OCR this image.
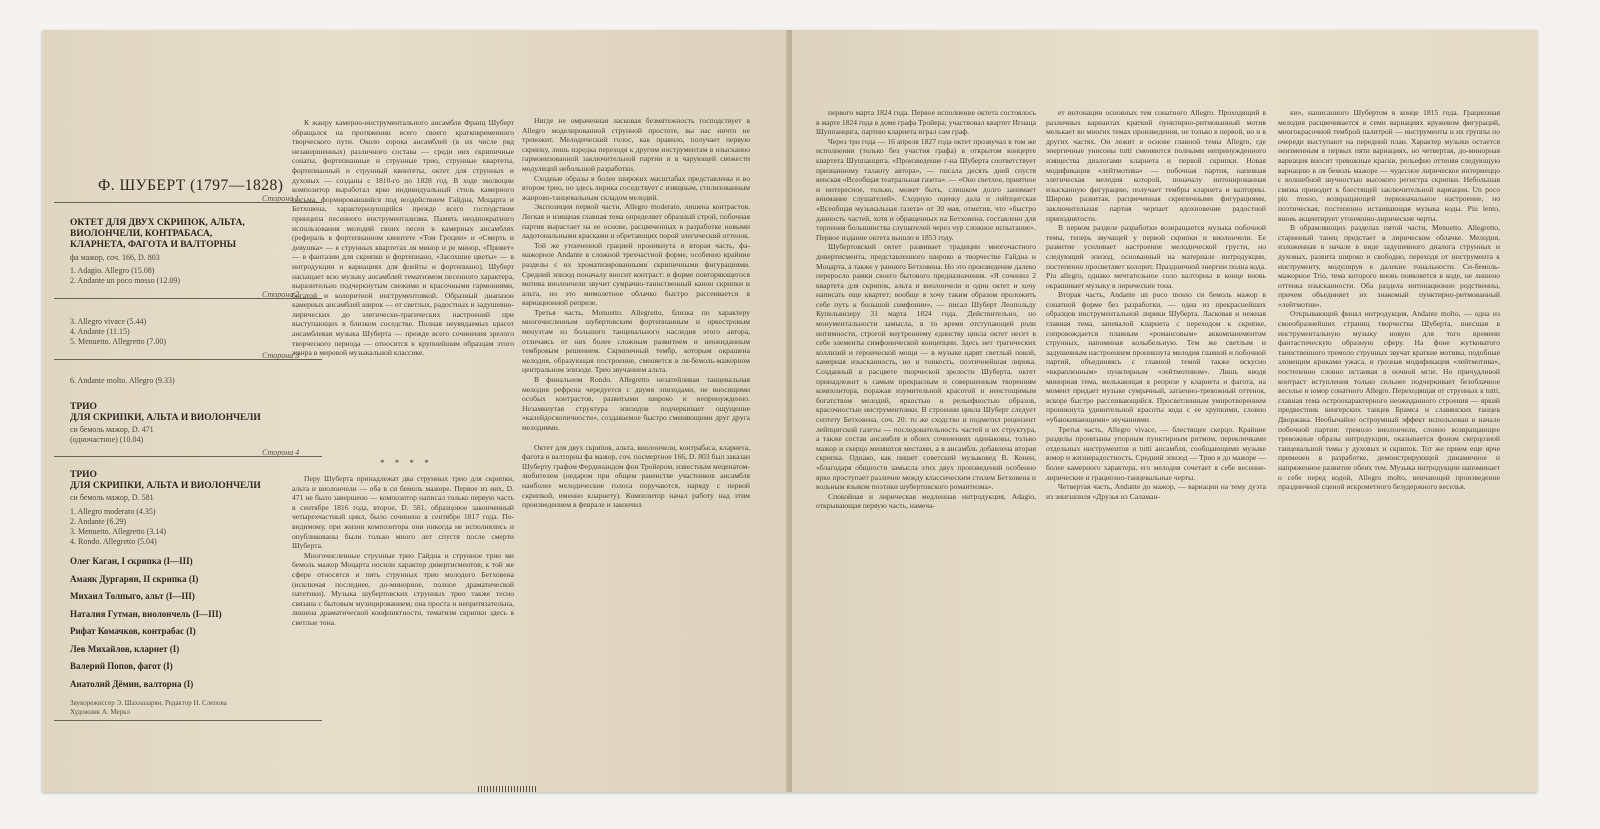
Ф. ШУБЕРТ (1797—1828)
Сторона 1
ОКТЕТ ДЛЯ ДВУХ СКРИПОК, АЛЬТА,
ВИОЛОНЧЕЛИ, КОНТРАБАСА,
КЛАРНЕТА, ФАГОТА И ВАЛТОРНЫ
фа мажор, соч. 166, D. 803
1. Adagio. Allegro (15.08)
2. Andante un poco mosso (12.09)
Сторона 2
3. Allegro vivace (5.44)
4. Andante (11.15)
5. Menuetto. Allegretto (7.00)
Сторона 3
6. Andante molto. Allegro (9.33)
ТРИО
ДЛЯ СКРИПКИ, АЛЬТА И ВИОЛОНЧЕЛИ
си бемоль мажор, D. 471
(одночастное) (10.04)
Сторона 4
ТРИО
ДЛЯ СКРИПКИ, АЛЬТА И ВИОЛОНЧЕЛИ
си бемоль мажор, D. 581
1. Allegro moderato (4.35)
2. Andante (6.29)
3. Menuetto. Allegretto (3.14)
4. Rondo. Allegretto (5.04)
Олег Каган, I скрипка (I—III)
Амаяк Дургарян, II скрипка (I)
Михаил Толпыго, альт (I—III)
Наталия Гутман, виолончель (I—III)
Рифат Комачков, контрабас (I)
Лев Михайлов, кларнет (I)
Валерий Попов, фагот (I)
Анатолий Дёмин, валторна (I)
Звукорежиссер Э. Шахназарян. Редактор Н. Слепова
Художник А. Меркл

К жанру камерно-инструментального ансамбля Франц Шуберт обращался на протяжении всего своего кратковременного творческого пути. Около сорока ансамблей (в их числе ряд незавершенных) различного состава — среди них скрипичные сонаты, фортепианные и струнные трио, струнные квартеты, фортепианный и струнный квинтеты, октет для струнных и духовых — созданы с 1810-го по 1828 год. В ходе эволюции композитор выработал ярко индивидуальный стиль камерного письма, формировавшийся под воздействием Гайдна, Моцарта и Бетховена, характеризующийся прежде всего господством принципа песенного инструментализма. Память неоднократного использования мелодий своих песен в камерных ансамблях (рефераль в фортепианном квинтете «Том Гроции» и «Смерть и девушка» — в струнных квартетах ля минор и ре минор, «Привет» — в фантазии для скрипки и фортепиано, «Засохшие цветы» — в интродукции и вариациях для флейты и фортепиано). Шуберт насыщает всю музыку ансамблей тематизмом песенного характера, выразительно подчеркнутым свежими и красочными гармониями, богатой и колоритной инструментовкой. Образный диапазон камерных ансамблей широк — от светлых, радостных и задушевно-лирических до элегически-трагических настроений при выступающих в близком соседстве. Полная неувядаемых красот ансамблевая музыка Шуберта — прежде всего сочинения зрелого творческого периода — относится к крупнейшим образцам этого жанра в мировой музыкальной классике.

* * * *

Перу Шуберта принадлежат два струнных трио для скрипки, альта и виолончели — оба в си бемоль мажоре. Первое из них, D. 471 не было завершено — композитор написал только первую часть в сентябре 1816 года, второе, D. 581, образцовое законченный четырехчастный цикл, было сочинено в сентябре 1817 года. По-видимому, при жизни композитора они никогда не исполнялись и опубликованы были только много лет спустя после смерти Шуберта.

Многочисленные струнные трио Гайдна и струнное трио ми бемоль мажор Моцарта носили характер дивертисментов; к той же сфере относятся и пять струнных трио молодого Бетховена (исключая последнее, до-минорное, полное драматической патетики). Музыка шубертовских струнных трио также тесно связана с бытовым музицированием; она проста и непритязательна, лишена драматической конфликтности, тематизм скрипки здесь в светлые тона.

Нигде не омраченная ласковая безмятежность господствует в Allegro моделированной струнной простоте, вы нас ничто не тревожит. Мелодический голос, как правило, получает первую скрипку, лишь изредка переходя к другим инструментам в изысканно гармонизованной заключительной партии и в чарующей свежести модуляций небольшой разработки.

Сходные образы в более широких масштабах представлены и во втором трио, но здесь лирика соседствует с изящным, стилизованным жанрово-танцевальным складом мелодий.

Экспозиция первой части, Allegro moderato, лишена контрастов. Легкая и изящная главная тема определяет образный строй, побочная партия вырастает на ее основе, расцвеченных в разработке новыми ладотональными красками и обретающих порой элегический оттенок.

Той же утонченной грацией проникнута и вторая часть, фа-мажорное Andante в сложной трехчастной форме, особенно крайние разделы с их хроматизированными скрипичными фигурациями. Средний эпизод поначалу вносит контраст: в форме повторяющегося мотива виолончели звучит сумрачно-таинственный канон скрипки и альта, но это мимолетное облачко быстро рассеивается в вариационной репризе.

Третья часть, Menuetto. Allegretto, близка по характеру многочисленным шубертовским фортепианным и оркестровым менуэтам из большого танцевального наследия этого автора, отличаясь от них более сложным развитием и неожиданным тембровым решением. Скрипичный тембр, которым окрашена мелодия, образующая построение, сменяется в ля-бемоль-мажорном центральном эпизоде. Трио звучанием альта.

В финальном Rondo. Allegretto незатейливая танцевальная мелодия рефрена чередуется с двумя эпизодами, не вносящими особых контрастов, развитыми широко и непринужденно. Незамкнутая структура эпизодов подчеркивает ощущение «калейдоскопичности», создаваемое быстро сменяющими друг друга мелодиями.

Октет для двух скрипок, альта, виолончели, контрабаса, кларнета, фагота и валторны фа мажор, соч. посмертное 166, D. 803 был заказан Шуберту графом Фердинандом фон Тройером, известным меценатом-любителем (недаром при общем равенстве участников ансамбля наиболее мелодические голоса поручаются, наряду с первой скрипкой, именно кларнету). Композитор начал работу над этим произведением в феврале и закончил

первого марта 1824 года. Первое исполнение октета состоялось в марте 1824 года в доме графа Тройера; участвовал квартет Игнаца Шуппанцига, партию кларнета играл сам граф.

Через три года — 16 апреля 1827 года октет прозвучал в том же исполнении (только без участия графа) в открытом концерте квартета Шуппанцига. «Произведение г-на Шуберта соответствует признанному таланту автора», — писала десять дней спустя венская «Всеобщая театральная газета». — «Оно светлое, приятное и интересное, только, может быть, слишком долго занимает внимание слушателей». Сходную оценку дала и лейпцигская «Всеобщая музыкальная газета» от 30 мая, отметив, что «быстро данность частей, хотя и обращенных на Бетховена, составлено для терпения большинства слушателей через чур сложное испытание». Первое издание октета вышло в 1853 году.

Шубертовский октет развивает традиции многочастного дивертисмента, представленного широко в творчестве Гайдна и Моцарта, а также у раннего Бетховена. Но это произведение далеко переросло рамки своего бытового предназначения. «Я сочинил 2 квартета для скрипок, альта и виолончели и один октет и хочу написать еще квартет; вообще я хочу таким образом проложить себе путь к большой симфонии», — писал Шуберт Леопольду Купельвизеру 31 марта 1824 года. Действительно, по монументальности замысла, в то время отступающей роли интимности, строгой внутреннему единству цикла октет несет в себе элементы симфонической концепции. Здесь нет трагических коллизий и героической мощи — в музыке царят светлый покой, камерная изысканность, но и тонкость, поэтичнейшая лирика. Созданный в расцвете творческой зрелости Шуберта, октет принадлежит к самым прекрасным и совершенным творениям композитора, поражая изумительной красотой и неистощимым богатством мелодий, яркостью и рельефностью образов, красочностью инструментовки. В строении цикла Шуберт следует септету Бетховена, соч. 20: то же сходство и подметил рецензент лейпцигской газеты — последовательность частей и их структура, а также состав ансамбля в обоих сочинениях одинаковы, только мажор и скерцо меняются местами, а в ансамбль добавлена вторая скрипка. Однако, как пишет советский музыковед В. Конен, «благодаря общности замысла этих двух произведений особенно ярко проступает различие между классическим стилем Бетховена и вольным языком поэтики шубертовского романтизма».

Спокойная и лирическая медленная интродукция, Adagio, открывающая первую часть, намеча-

ет интонации основных тем сонатного Allegro. Проходящий в различных вариантах краткий пунктирно-ритмованный мотив мелькает во многих темах произведения, не только в первой, но и в других частях. Он лежит в основе главной темы Allegro, где энергичные унисоны tutti сменяются полными непринужденного изящества диалогами кларнета и первой скрипки. Новая модификация «лейтмотива» — побочная партия, напевная элегическая мелодия которой, поначалу интонированная изысканную фигурацию, получает тембры кларнета и валторны. Широко развитая, расцвеченная скрипичными фигурациями, заключительная партия черпает вдохновение радостной приподнятости.

В первом разделе разработки возвращается музыка побочной темы, теперь звучащей у первой скрипки и виолончели. Ее развитие усиливает настроение мелодической грусти, но следующий эпизод, основанный на материале интродукции, постепенно просветляет колорит. Праздничной энергии полна кода. Piu allegro, однако мечтательное соло валторны в конце вновь окрашивает музыку в лирические тона.

Вторая часть, Andante un poco mosso си бемоль мажор в сонатной форме без разработки, — одна из прекраснейших образцов инструментальной лирики Шуберта. Ласковая и нежная главная тема, запевалой кларнета с переходом к скрипке, сопровождается плавным «романсовым» аккомпанементом струнных, напоминая колыбельную. Тем же светлым и задушевным настроением проникнута мелодия главной и побочной партий, объединяясь с главной темой также искусно «вкрапленным» пунктирным «лейтмотивом». Лишь вводя минорная тема, мелькающая в репризе у кларнета и фагота, на момент придает музыке сумрачный, затаенно-тревожный оттенок, вскоре быстро рассеивающийся. Просветленным умиротворением проникнута удивительной красоты кода с ее хрупкими, словно «убаюкивающими» звучаниями.

Третья часть, Allegro vivace, — блестящее скерцо. Крайние разделы пронизаны упорным пунктирным ритмом, перекличками отдельных инструментов и tutti ансамбля, сообщающими музыке юмор и жизнерадостность. Средний эпизод — Трио в до мажоре — более камерного характера, его мелодия сочетает в себе весенне-лирические и грациозно-танцевальные черты.

Четвертая часть, Andante до мажор, — вариации на тему дуэта из зингшпиля «Друзья из Саламан-

ки», написанного Шубертом в конце 1815 года. Грациозная мелодия расцвечивается в семи вариациях кружевом фигураций, многокрасочной темброй палитрой — инструменты и их группы по очереди выступают на передний план. Характер музыки остается неизменным в первых пяти вариациях, но четвертая, до-минорная вариация вносит тревожные краски, рельефно оттеняя следующую вариацию в ля бемоль мажоре — чудесное лирическое интермеццо с волшебной звучностью высокого регистра скрипки. Небольшая связка приводит к блестящей заключительной вариации. Un poco piu mosso, возвращающей первоначальное настроение, но поэтическая, постепенно истаивающая музыка коды. Piu lento, вновь акцентирует утонченно-лирические черты.

В обрамляющих разделах пятой части, Menuetto. Allegretto, старинный танец предстает в лирическом облачке. Мелодия, изложенная в начале в виде задушевного диалога струнных и духовых, развита широко и свободно, переходя от инструмента к инструменту, модулируя в далекие тональности. Си-бемоль-мажорное Trio, тема которого вновь появляется в коде, не лишено оттенка изысканности. Оба раздела интонационно родственны, причем объединяет их знакомый пунктирно-ритмованный «лейтмотив».

Открывающий финал интродукция, Andante molto, — одна из своеобразнейших страниц творчества Шуберта, внесшая в инструментальную музыку новую для того времени фантастическую образную сферу. На фоне жутковатого таинственного тремоло струнных звучат краткие мотивы, подобные зловещим криками ужаса, и грозная модификация «лейтмотива», постепенно словно истаивая в ночной мгле. Но причудливой контраст вступления только сильнее подчеркивает безоблачное веселье и юмор сонатного Allegro. Переходящая от струнных к tutti, главная тема остроохарактерного неожиданного строения — яркий предвестник венгерских танцев Брамса и славянских танцев Дворжака. Необычайно остроумный эффект использован в начале побочной партии: тремоло виолончели, словно возвращающее тревожные образы интродукции, оказывается фоном скерцозной танцевальной темы у духовых и скрипок. Тот же прием еще ярче применен в разработке, демонстрирующей динамичное и напряженное развитие обеих тем. Музыка интродукции напоминает о себе перед кодой, Allegro molto, венчающей произведение праздничной сценой искрометного безудержного веселья.
